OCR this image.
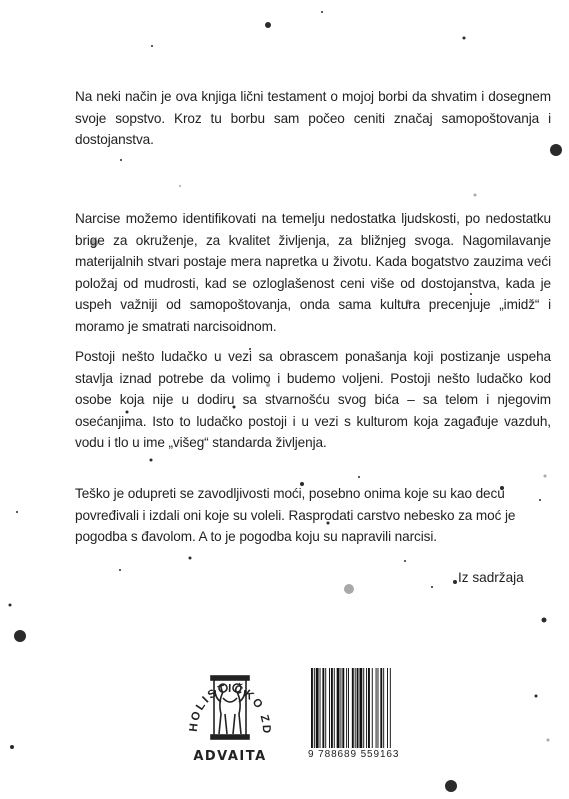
Na neki način je ova knjiga lični testament o mojoj borbi da shvatim i dosegnem svoje sopstvo. Kroz tu borbu sam počeo ceniti značaj samopoštovanja i dostojanstva.

Narcise možemo identifikovati na temelju nedostatka ljudskosti, po nedostatku brige za okruženje, za kvalitet življenja, za bližnjeg svoga. Nagomilavanje materijalnih stvari postaje mera napretka u životu. Kada bogatstvo zauzima veći položaj od mudrosti, kad se ozloglašenost ceni više od dostojanstva, kada je uspeh važniji od samopoštovanja, onda sama kultura precenjuje „imidž“ i moramo je smatrati narcisoidnom.

Postoji nešto ludačko u vezi sa obrascem ponašanja koji postizanje uspeha stavlja iznad potrebe da volimo i budemo voljeni. Postoji nešto ludačko kod osobe koja nije u dodiru sa stvarnošću svog bića – sa telom i njegovim osećanjima. Isto to ludačko postoji i u vezi s kulturom koja zagađuje vazduh, vodu i tlo u ime „višeg“ standarda življenja.

Teško je odupreti se zavodljivosti moći, posebno onima koje su kao decu povređivali i izdali oni koje su voleli. Rasprodati carstvo nebesko za moć je pogodba s đavolom. A to je pogodba koju su napravili narcisi.

Iz sadržaja

HOLISTIČKO ZD
ADVAITA	9 788689 559163
